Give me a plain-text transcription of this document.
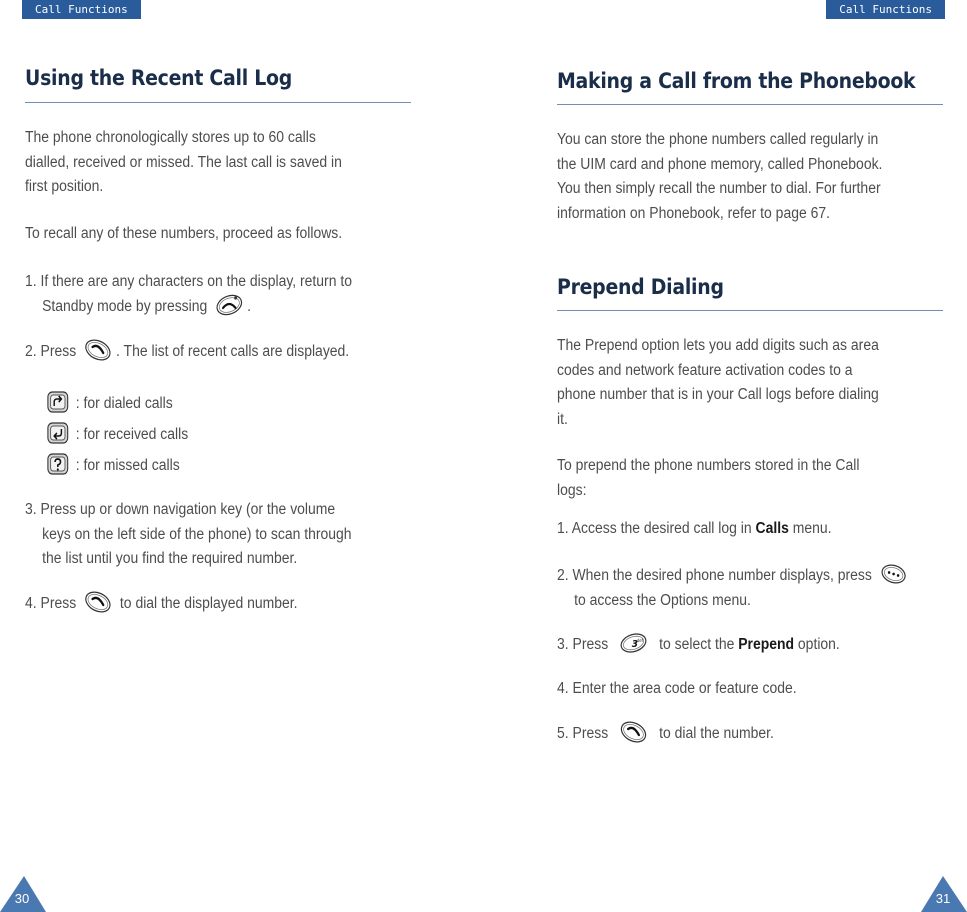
Call Functions	Call Functions
Using the Recent Call Log
The phone chronologically stores up to 60 calls
dialled, received or missed. The last call is saved in
first position.
To recall any of these numbers, proceed as follows.
1. If there are any characters on the display, return to
Standby mode by pressing	.
2. Press	. The list of recent calls are displayed.
: for dialed calls
: for received calls
: for missed calls
3. Press up or down navigation key (or the volume
keys on the left side of the phone) to scan through
the list until you find the required number.
4. Press	to dial the displayed number.
Making a Call from the Phonebook
You can store the phone numbers called regularly in
the UIM card and phone memory, called Phonebook.
You then simply recall the number to dial. For further
information on Phonebook, refer to page 67.
Prepend Dialing
The Prepend option lets you add digits such as area
codes and network feature activation codes to a
phone number that is in your Call logs before dialing
it.
To prepend the phone numbers stored in the Call
logs:
1. Access the desired call log in Calls menu.
2. When the desired phone number displays, press
to access the Options menu.
3. Press 3 def to select the Prepend option.
4. Enter the area code or feature code.
5. Press	to dial the number.
30	31
